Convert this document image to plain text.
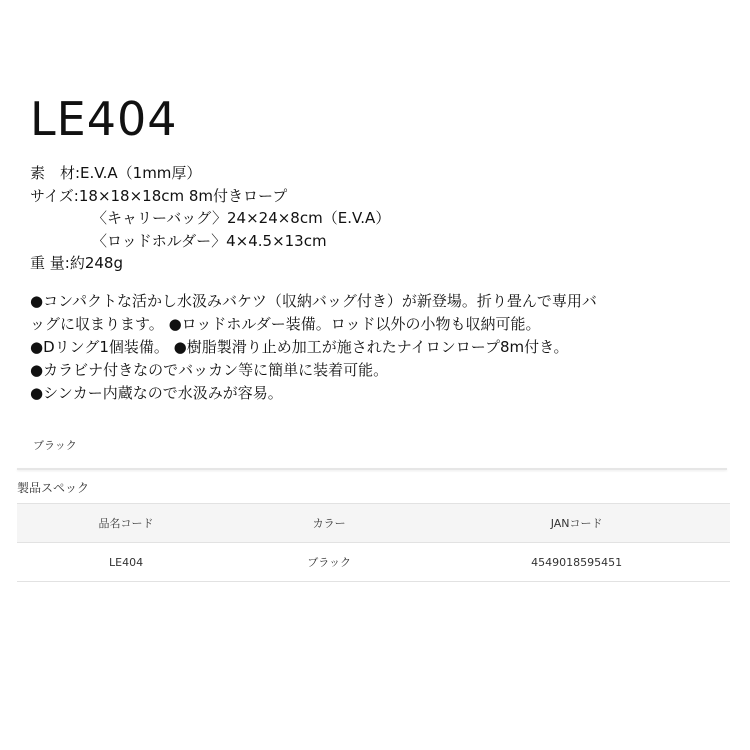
LE404
素　材:E.V.A（1mm厚）
サイズ:18×18×18cm 8m付きロープ
〈キャリーバッグ〉24×24×8cm（E.V.A）
〈ロッドホルダー〉4×4.5×13cm
重 量:約248g
●コンパクトな活かし水汲みバケツ（収納バッグ付き）が新登場。折り畳んで専用バ
ッグに収まります。 ●ロッドホルダー装備。ロッド以外の小物も収納可能。
●Dリング1個装備。 ●樹脂製滑り止め加工が施されたナイロンロープ8m付き。
●カラビナ付きなのでバッカン等に簡単に装着可能。
●シンカー内蔵なので水汲みが容易。
ブラック
製品スペック
品名コード	カラー	JANコード
LE404	ブラック	4549018595451
